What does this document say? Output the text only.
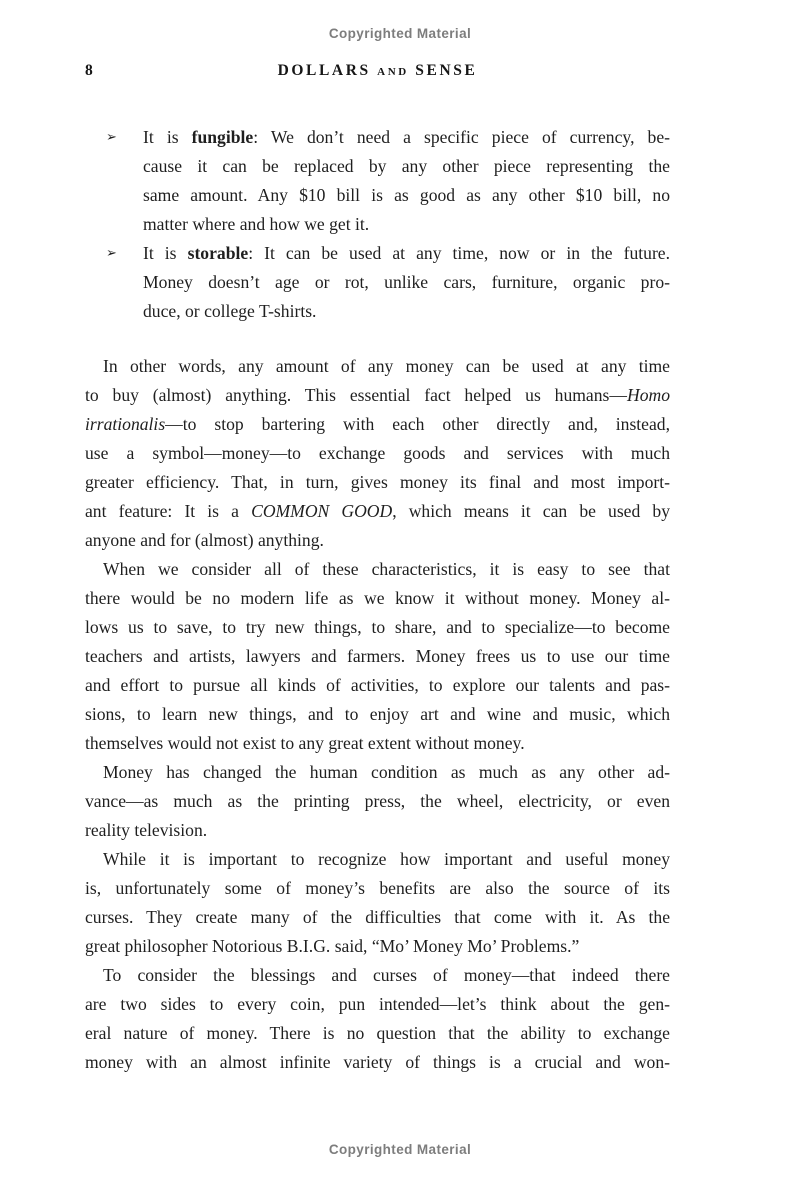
Copyrighted Material
8	DOLLARS and SENSE
➢	It is fungible: We don’t need a specific piece of currency, be-
cause it can be replaced by any other piece representing the
same amount. Any $10 bill is as good as any other $10 bill, no
matter where and how we get it.
➢	It is storable: It can be used at any time, now or in the future.
Money doesn’t age or rot, unlike cars, furniture, organic pro-
duce, or college T-shirts.
In other words, any amount of any money can be used at any time
to buy (almost) anything. This essential fact helped us humans—Homo
irrationalis—to stop bartering with each other directly and, instead,
use a symbol—money—to exchange goods and services with much
greater efficiency. That, in turn, gives money its final and most import-
ant feature: It is a COMMON GOOD, which means it can be used by
anyone and for (almost) anything.
When we consider all of these characteristics, it is easy to see that
there would be no modern life as we know it without money. Money al-
lows us to save, to try new things, to share, and to specialize—to become
teachers and artists, lawyers and farmers. Money frees us to use our time
and effort to pursue all kinds of activities, to explore our talents and pas-
sions, to learn new things, and to enjoy art and wine and music, which
themselves would not exist to any great extent without money.
Money has changed the human condition as much as any other ad-
vance—as much as the printing press, the wheel, electricity, or even
reality television.
While it is important to recognize how important and useful money
is, unfortunately some of money’s benefits are also the source of its
curses. They create many of the difficulties that come with it. As the
great philosopher Notorious B.I.G. said, “Mo’ Money Mo’ Problems.”
To consider the blessings and curses of money—that indeed there
are two sides to every coin, pun intended—let’s think about the gen-
eral nature of money. There is no question that the ability to exchange
money with an almost infinite variety of things is a crucial and won-
Copyrighted Material
